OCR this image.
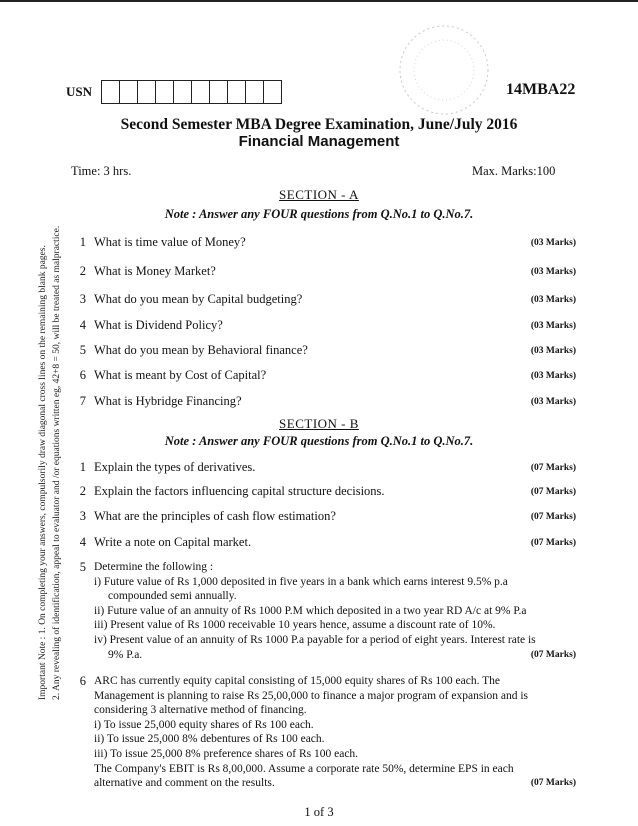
USN	14MBA22
Second Semester MBA Degree Examination, June/July 2016
Financial Management
Time: 3 hrs.	Max. Marks:100
Important Note : 1. On completing your answers, compulsorily draw diagonal cross lines on the remaining blank pages. 2. Any revealing of identification, appeal to evaluator and /or equations written eg, 42+8 = 50, will be treated as malpractice.
SECTION - A
Note : Answer any FOUR questions from Q.No.1 to Q.No.7.
1 What is time value of Money?	(03 Marks)
2 What is Money Market?	(03 Marks)
3 What do you mean by Capital budgeting?	(03 Marks)
4 What is Dividend Policy?	(03 Marks)
5 What do you mean by Behavioral finance?	(03 Marks)
6 What is meant by Cost of Capital?	(03 Marks)
7 What is Hybridge Financing?	(03 Marks)
SECTION - B
Note : Answer any FOUR questions from Q.No.1 to Q.No.7.
1 Explain the types of derivatives.	(07 Marks)
2 Explain the factors influencing capital structure decisions.	(07 Marks)
3 What are the principles of cash flow estimation?	(07 Marks)
4 Write a note on Capital market.	(07 Marks)
5 Determine the following :
i) Future value of Rs 1,000 deposited in five years in a bank which earns interest 9.5% p.a
compounded semi annually.
ii) Future value of an annuity of Rs 1000 P.M which deposited in a two year RD A/c at 9% P.a
iii) Present value of Rs 1000 receivable 10 years hence, assume a discount rate of 10%.
iv) Present value of an annuity of Rs 1000 P.a payable for a period of eight years. Interest rate is
9% P.a.	(07 Marks)
6 ARC has currently equity capital consisting of 15,000 equity shares of Rs 100 each. The
Management is planning to raise Rs 25,00,000 to finance a major program of expansion and is
considering 3 alternative method of financing.
i) To issue 25,000 equity shares of Rs 100 each.
ii) To issue 25,000 8% debentures of Rs 100 each.
iii) To issue 25,000 8% preference shares of Rs 100 each.
The Company's EBIT is Rs 8,00,000. Assume a corporate rate 50%, determine EPS in each
alternative and comment on the results.	(07 Marks)
1 of 3
